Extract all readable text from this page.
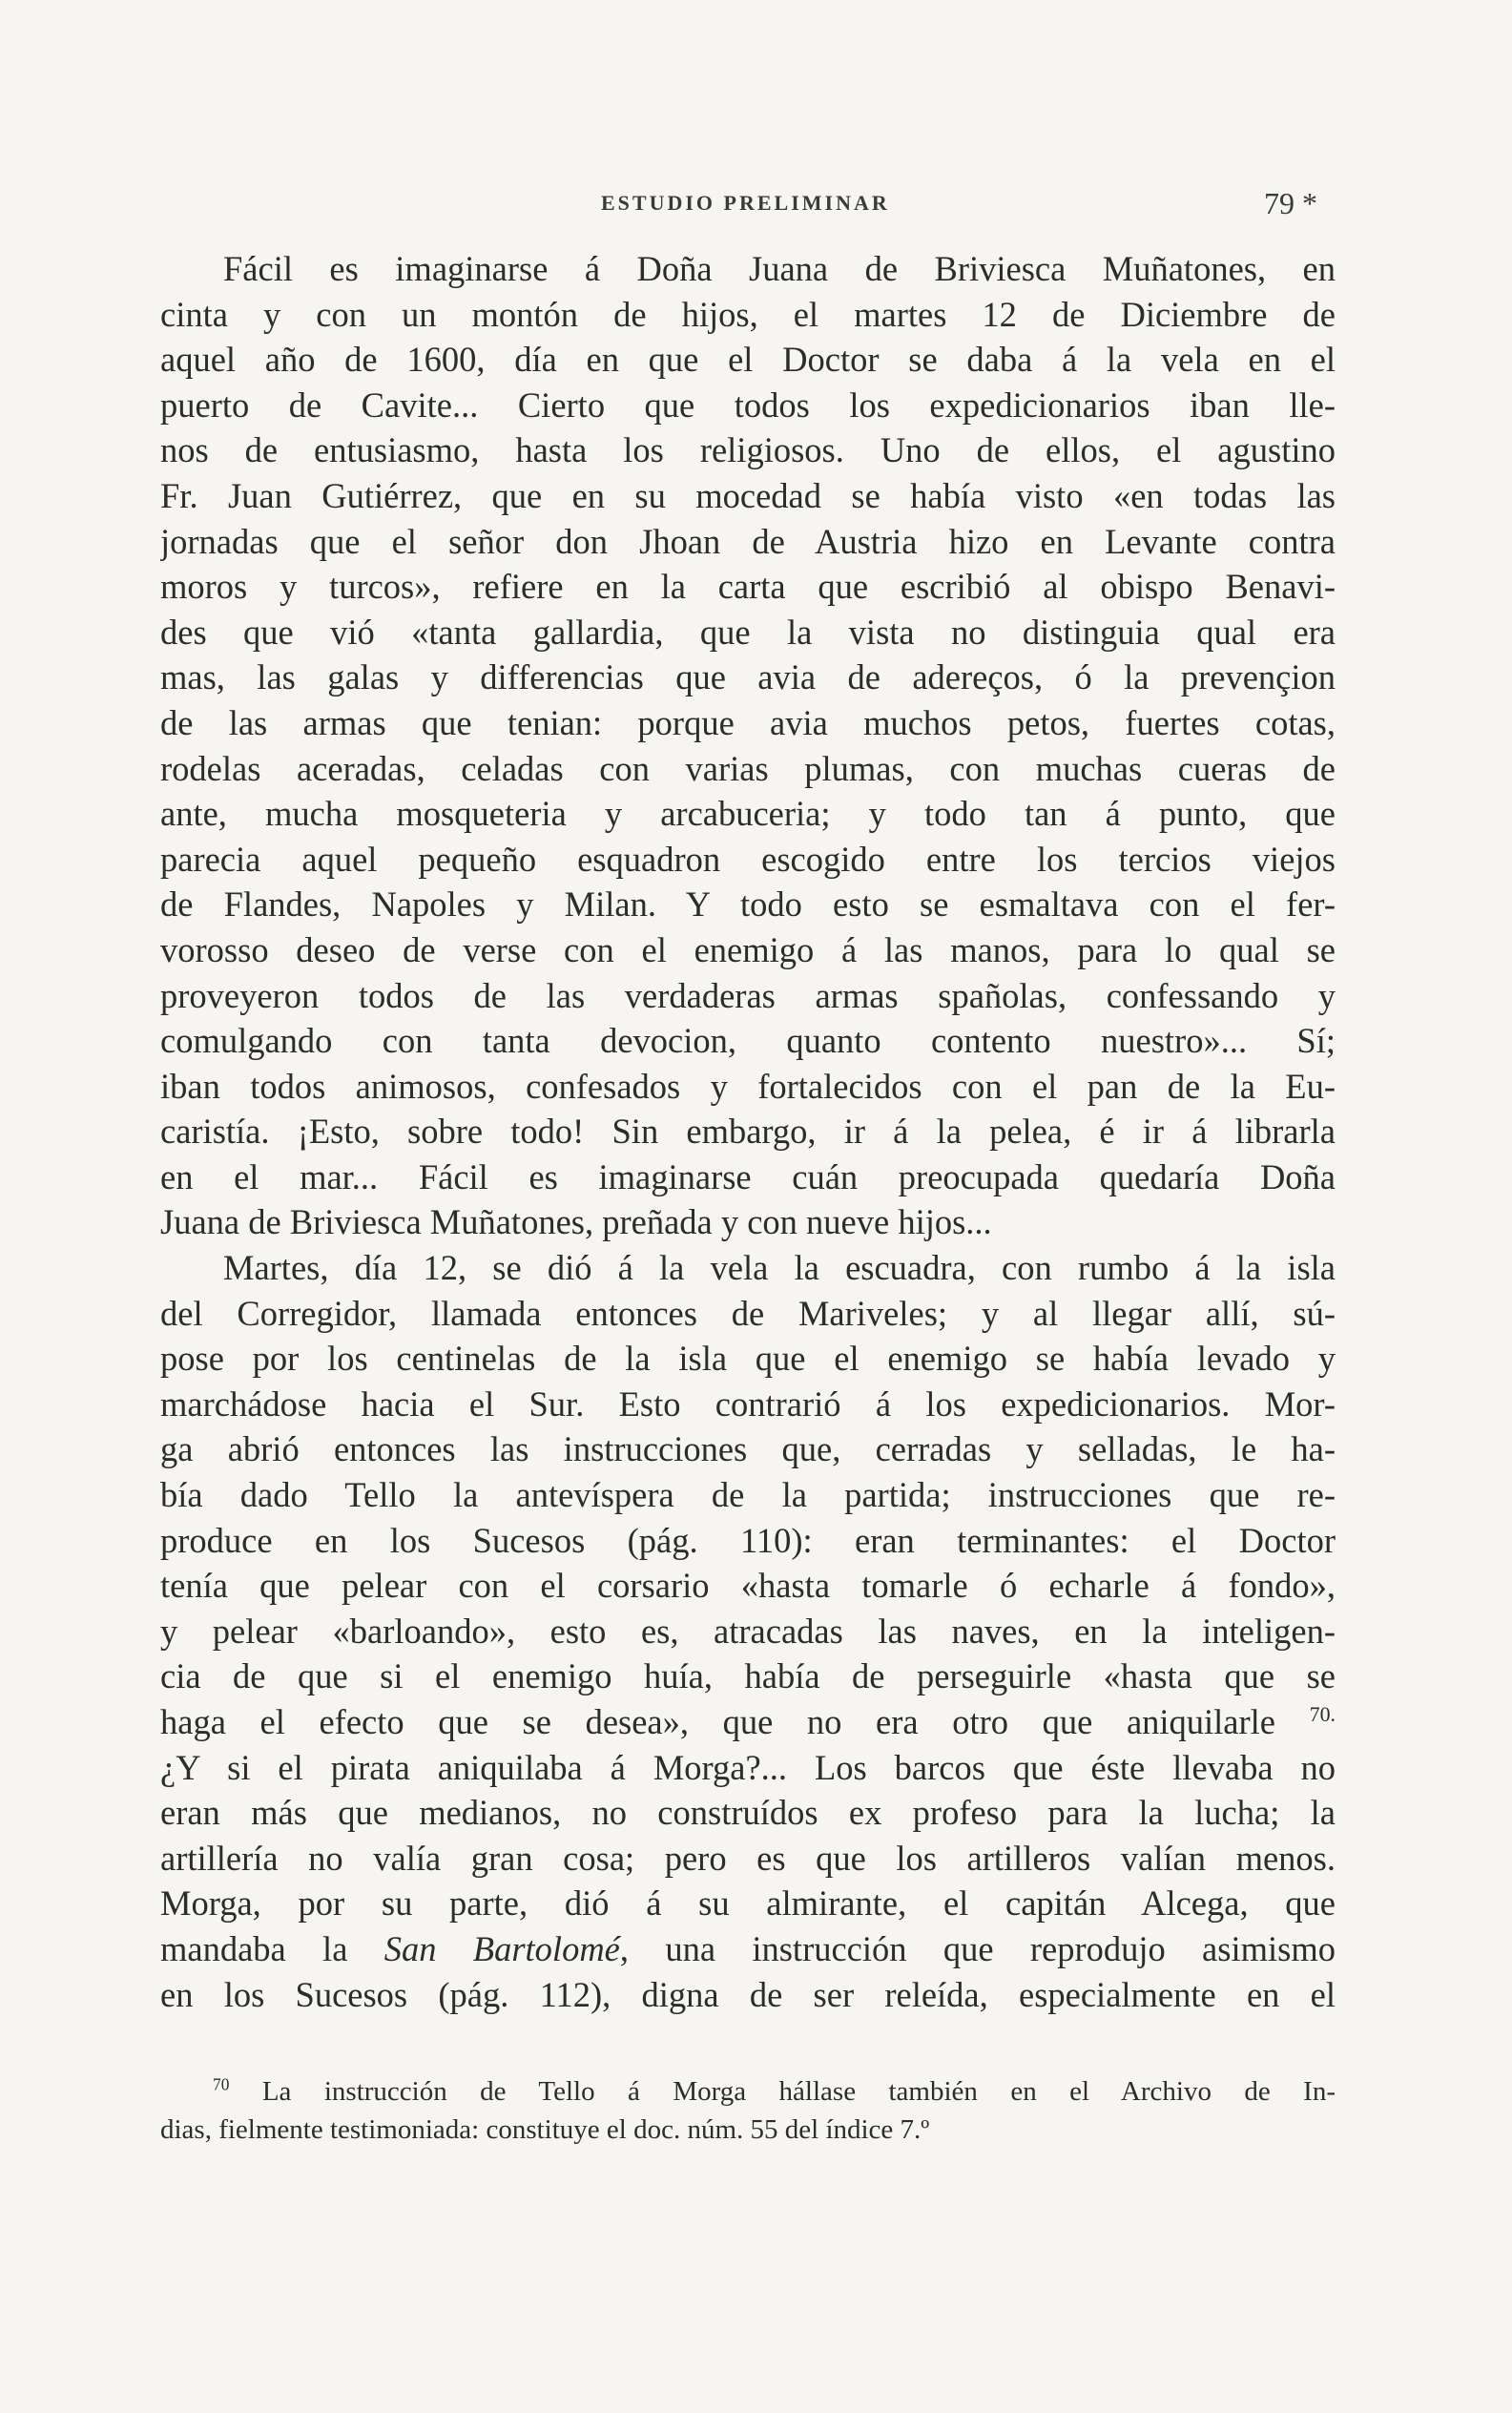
ESTUDIO PRELIMINAR	79 *
Fácil es imaginarse á Doña Juana de Briviesca Muñatones, en
cinta y con un montón de hijos, el martes 12 de Diciembre de
aquel año de 1600, día en que el Doctor se daba á la vela en el
puerto de Cavite... Cierto que todos los expedicionarios iban lle-
nos de entusiasmo, hasta los religiosos. Uno de ellos, el agustino
Fr. Juan Gutiérrez, que en su mocedad se había visto «en todas las
jornadas que el señor don Jhoan de Austria hizo en Levante contra
moros y turcos», refiere en la carta que escribió al obispo Benavi-
des que vió «tanta gallardia, que la vista no distinguia qual era
mas, las galas y differencias que avia de adereços, ó la prevençion
de las armas que tenian: porque avia muchos petos, fuertes cotas,
rodelas aceradas, celadas con varias plumas, con muchas cueras de
ante, mucha mosqueteria y arcabuceria; y todo tan á punto, que
parecia aquel pequeño esquadron escogido entre los tercios viejos
de Flandes, Napoles y Milan. Y todo esto se esmaltava con el fer-
vorosso deseo de verse con el enemigo á las manos, para lo qual se
proveyeron todos de las verdaderas armas spañolas, confessando y
comulgando con tanta devocion, quanto contento nuestro»... Sí;
iban todos animosos, confesados y fortalecidos con el pan de la Eu-
caristía. ¡Esto, sobre todo! Sin embargo, ir á la pelea, é ir á librarla
en el mar... Fácil es imaginarse cuán preocupada quedaría Doña
Juana de Briviesca Muñatones, preñada y con nueve hijos...
Martes, día 12, se dió á la vela la escuadra, con rumbo á la isla
del Corregidor, llamada entonces de Mariveles; y al llegar allí, sú-
pose por los centinelas de la isla que el enemigo se había levado y
marchádose hacia el Sur. Esto contrarió á los expedicionarios. Mor-
ga abrió entonces las instrucciones que, cerradas y selladas, le ha-
bía dado Tello la antevíspera de la partida; instrucciones que re-
produce en los Sucesos (pág. 110): eran terminantes: el Doctor
tenía que pelear con el corsario «hasta tomarle ó echarle á fondo»,
y pelear «barloando», esto es, atracadas las naves, en la inteligen-
cia de que si el enemigo huía, había de perseguirle «hasta que se
haga el efecto que se desea», que no era otro que aniquilarle $^{70.}$
¿Y si el pirata aniquilaba á Morga?... Los barcos que éste llevaba no
eran más que medianos, no construídos ex profeso para la lucha; la
artillería no valía gran cosa; pero es que los artilleros valían menos.
Morga, por su parte, dió á su almirante, el capitán Alcega, que
mandaba la San Bartolomé, una instrucción que reprodujo asimismo
en los Sucesos (pág. 112), digna de ser releída, especialmente en el
$^{70}$ La instrucción de Tello á Morga hállase también en el Archivo de In-
dias, fielmente testimoniada: constituye el doc. núm. 55 del índice 7.º
